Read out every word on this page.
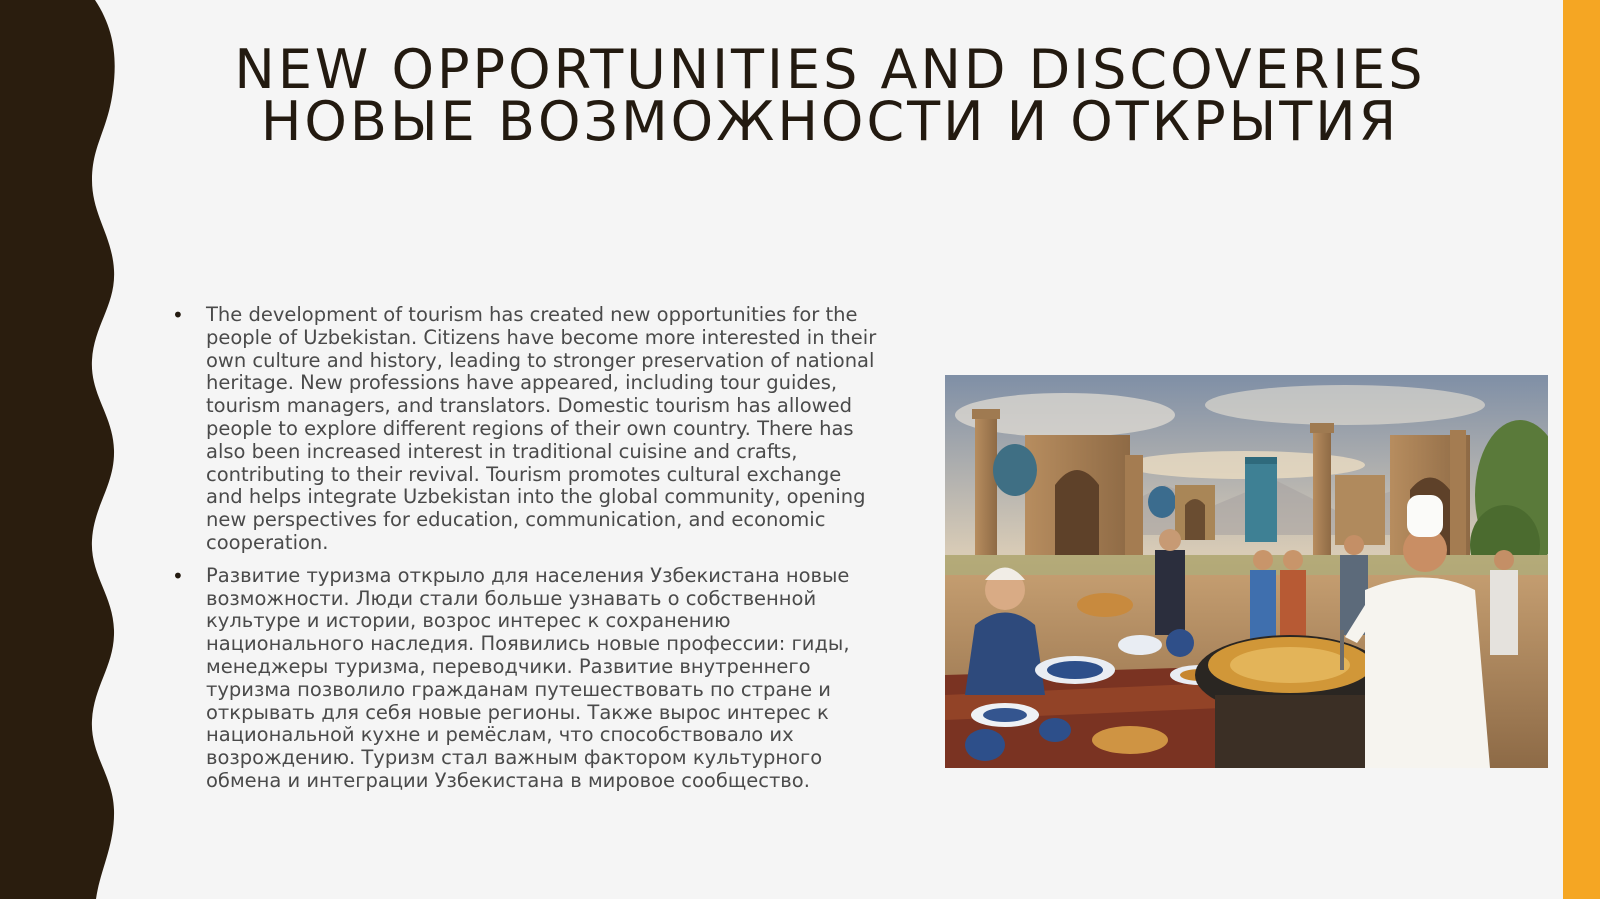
NEW OPPORTUNITIES AND DISCOVERIES
НОВЫЕ ВОЗМОЖНОСТИ И ОТКРЫТИЯ
• The development of tourism has created new opportunities for the people of Uzbekistan. Citizens have become more interested in their own culture and history, leading to stronger preservation of national heritage. New professions have appeared, including tour guides, tourism managers, and translators. Domestic tourism has allowed people to explore different regions of their own country. There has also been increased interest in traditional cuisine and crafts, contributing to their revival. Tourism promotes cultural exchange and helps integrate Uzbekistan into the global community, opening new perspectives for education, communication, and economic cooperation.
• Развитие туризма открыло для населения Узбекистана новые возможности. Люди стали больше узнавать о собственной культуре и истории, возрос интерес к сохранению национального наследия. Появились новые профессии: гиды, менеджеры туризма, переводчики. Развитие внутреннего туризма позволило гражданам путешествовать по стране и открывать для себя новые регионы. Также вырос интерес к национальной кухне и ремёслам, что способствовало их возрождению. Туризм стал важным фактором культурного обмена и интеграции Узбекистана в мировое сообщество.
